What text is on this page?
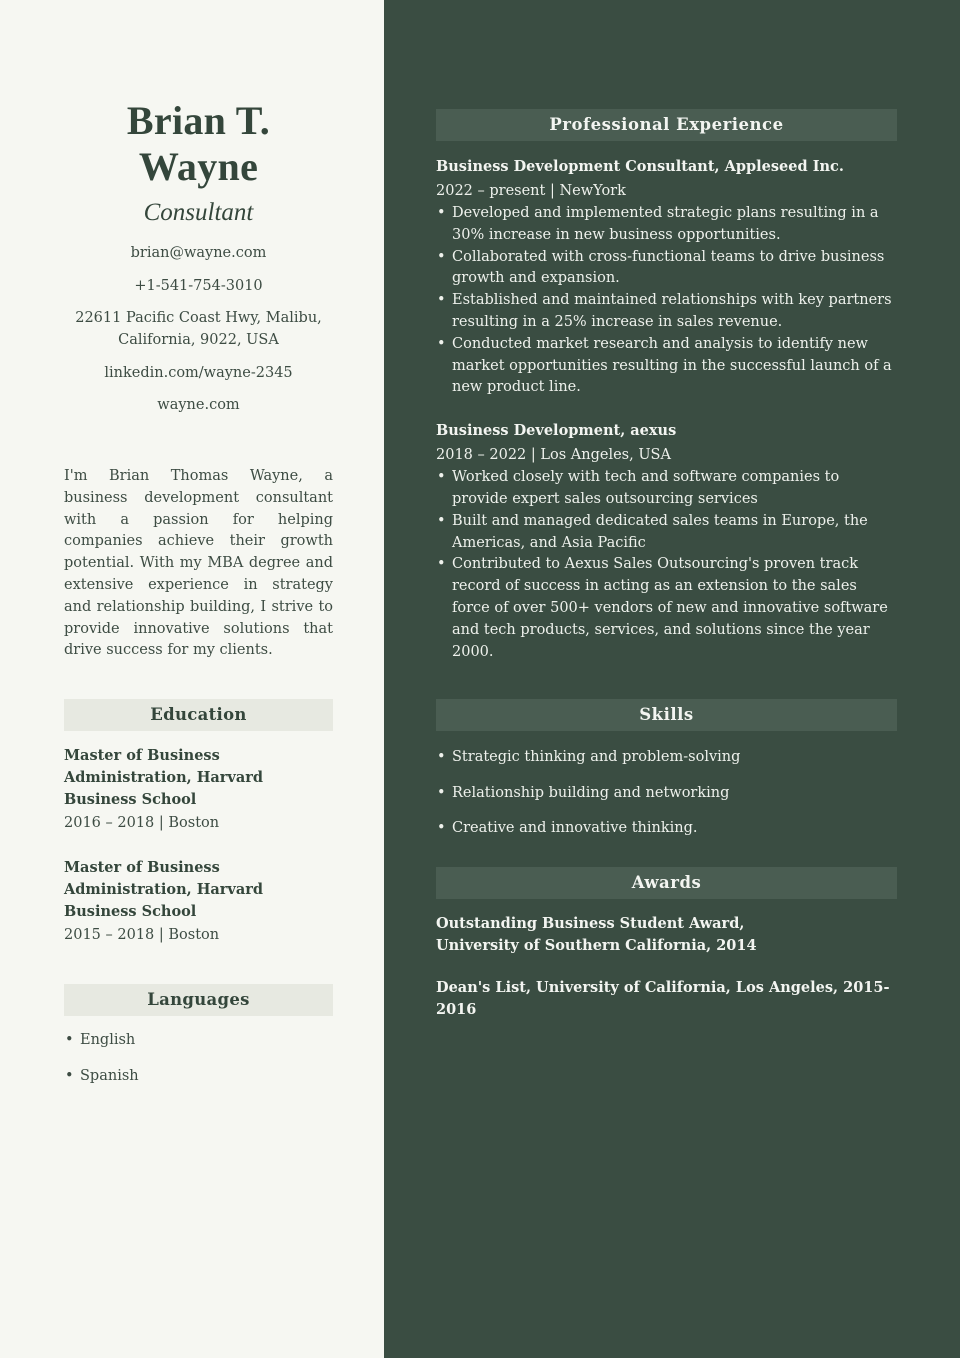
Brian T. Wayne
Consultant
brian@wayne.com
+1-541-754-3010
22611 Pacific Coast Hwy, Malibu,
California, 9022, USA
linkedin.com/wayne-2345
wayne.com

I'm Brian Thomas Wayne, a business development consultant with a passion for helping companies achieve their growth potential. With my MBA degree and extensive experience in strategy and relationship building, I strive to provide innovative solutions that drive success for my clients.

Education
Master of Business Administration, Harvard Business School
2016 – 2018 | Boston
Master of Business Administration, Harvard Business School
2015 – 2018 | Boston
Languages
• English
• Spanish
Professional Experience
Business Development Consultant, Appleseed Inc.
2022 – present | NewYork
• Developed and implemented strategic plans resulting in a 30% increase in new business opportunities.
• Collaborated with cross-functional teams to drive business growth and expansion.
• Established and maintained relationships with key partners resulting in a 25% increase in sales revenue.
• Conducted market research and analysis to identify new market opportunities resulting in the successful launch of a new product line.
Business Development, aexus
2018 – 2022 | Los Angeles, USA
• Worked closely with tech and software companies to provide expert sales outsourcing services
• Built and managed dedicated sales teams in Europe, the Americas, and Asia Pacific
• Contributed to Aexus Sales Outsourcing's proven track record of success in acting as an extension to the sales force of over 500+ vendors of new and innovative software and tech products, services, and solutions since the year 2000.
Skills
• Strategic thinking and problem-solving
• Relationship building and networking
• Creative and innovative thinking.
Awards
Outstanding Business Student Award,
University of Southern California, 2014
Dean's List, University of California, Los Angeles, 2015-2016
